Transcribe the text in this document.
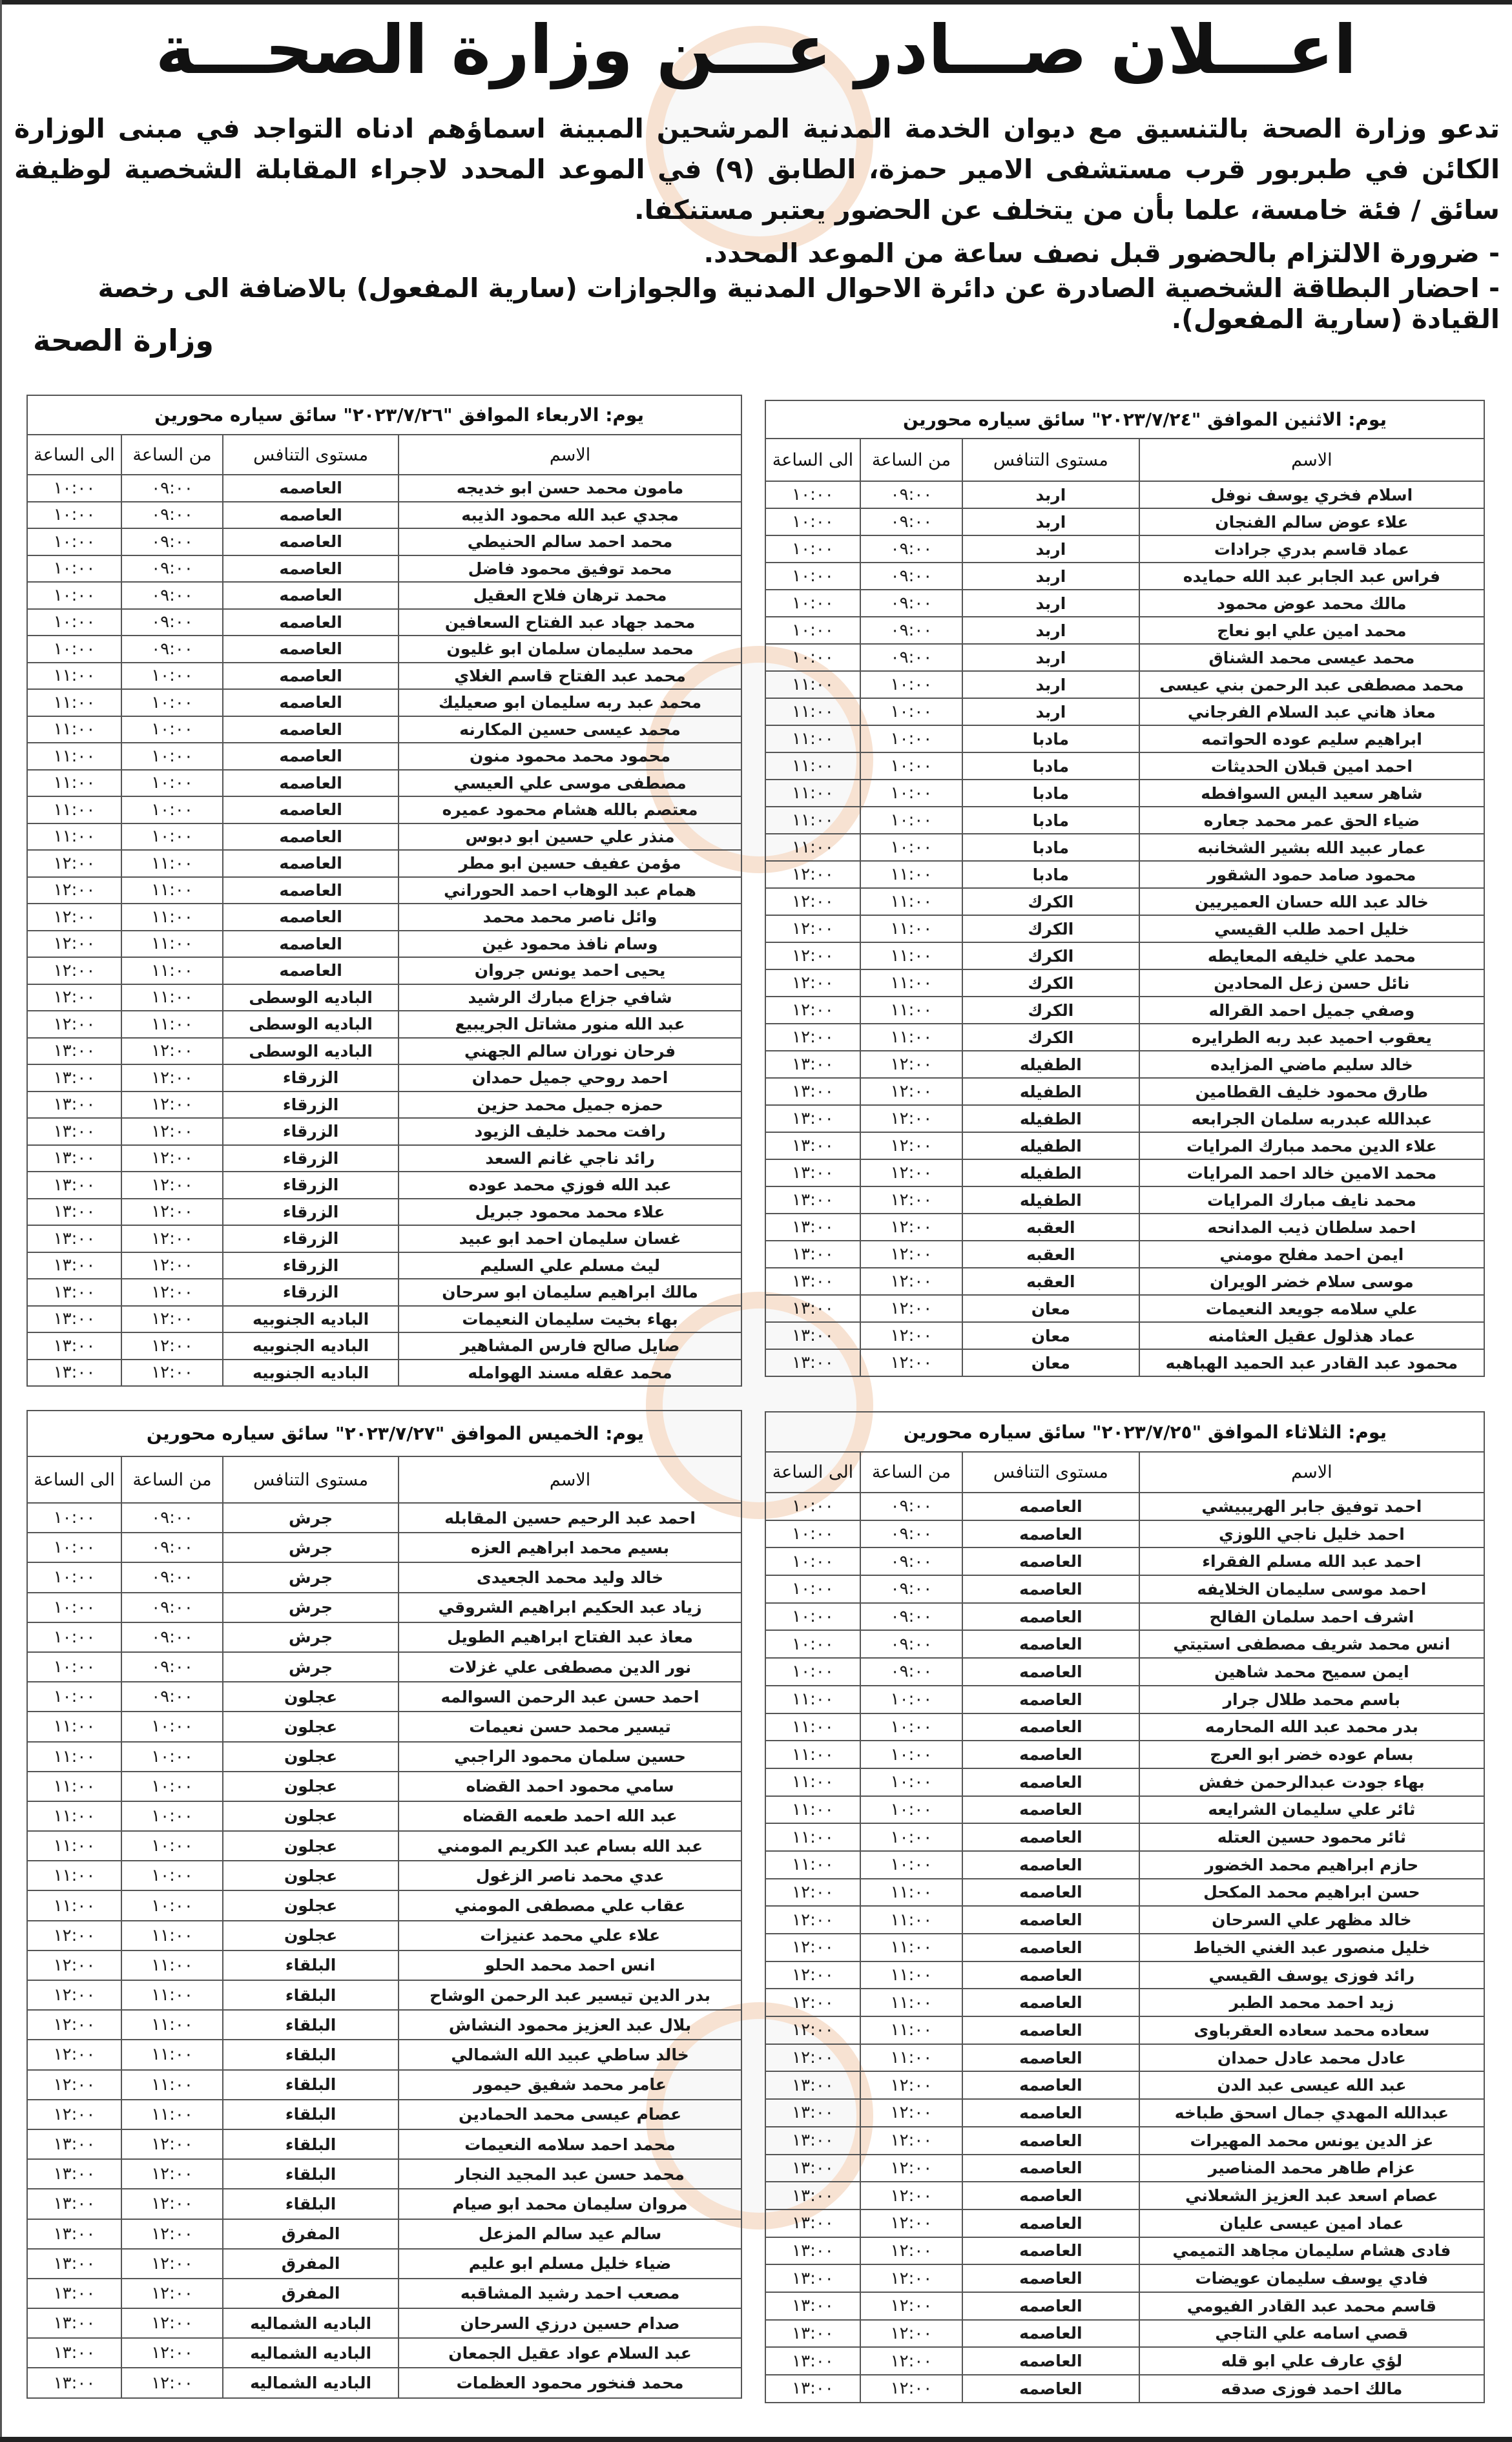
اعـــلان صـــادر عـــن وزارة الصحـــة
تدعو وزارة الصحة بالتنسيق مع ديوان الخدمة المدنية المرشحين المبينة اسماؤهم ادناه التواجد في مبنى الوزارة الكائن في طبربور قرب مستشفى الامير حمزة، الطابق (٩) في الموعد المحدد لاجراء المقابلة الشخصية لوظيفة سائق / فئة خامسة، علما بأن من يتخلف عن الحضور يعتبر مستنكفا.
- ضرورة الالتزام بالحضور قبل نصف ساعة من الموعد المحدد.
- احضار البطاقة الشخصية الصادرة عن دائرة الاحوال المدنية والجوازات (سارية المفعول) بالاضافة الى رخصة القيادة (سارية المفعول).
وزارة الصحة
يوم: الاثنين الموافق "٢٠٢٣/٧/٢٤" سائق سياره محورين			
الاسم	مستوى التنافس	من الساعة	الى الساعة
اسلام فخري يوسف نوفل	اربد	٠٩:٠٠	١٠:٠٠
علاء عوض سالم الفنجان	اربد	٠٩:٠٠	١٠:٠٠
عماد قاسم بدري جرادات	اربد	٠٩:٠٠	١٠:٠٠
فراس عبد الجابر عبد الله حمايده	اربد	٠٩:٠٠	١٠:٠٠
مالك محمد عوض محمود	اربد	٠٩:٠٠	١٠:٠٠
محمد امين علي ابو نعاج	اربد	٠٩:٠٠	١٠:٠٠
محمد عيسى محمد الشناق	اربد	٠٩:٠٠	١٠:٠٠
محمد مصطفى عبد الرحمن بني عيسى	اربد	١٠:٠٠	١١:٠٠
معاذ هاني عبد السلام الفرجاني	اربد	١٠:٠٠	١١:٠٠
ابراهيم سليم عوده الحواتمه	مادبا	١٠:٠٠	١١:٠٠
احمد امين قبلان الحديثات	مادبا	١٠:٠٠	١١:٠٠
شاهر سعيد اليس السوافطه	مادبا	١٠:٠٠	١١:٠٠
ضياء الحق عمر محمد جعاره	مادبا	١٠:٠٠	١١:٠٠
عمار عبيد الله بشير الشخانبه	مادبا	١٠:٠٠	١١:٠٠
محمود صامد حمود الشقور	مادبا	١١:٠٠	١٢:٠٠
خالد عبد الله حسان العميريين	الكرك	١١:٠٠	١٢:٠٠
خليل احمد طلب القيسي	الكرك	١١:٠٠	١٢:٠٠
محمد علي خليفه المعايطه	الكرك	١١:٠٠	١٢:٠٠
نائل حسن زعل المحادين	الكرك	١١:٠٠	١٢:٠٠
وصفي جميل احمد القراله	الكرك	١١:٠٠	١٢:٠٠
يعقوب احميد عبد ربه الطرايره	الكرك	١١:٠٠	١٢:٠٠
خالد سليم ماضي المزايده	الطفيله	١٢:٠٠	١٣:٠٠
طارق محمود خليف القطامين	الطفيله	١٢:٠٠	١٣:٠٠
عبدالله عبدربه سلمان الجرابعه	الطفيله	١٢:٠٠	١٣:٠٠
علاء الدين محمد مبارك المرايات	الطفيله	١٢:٠٠	١٣:٠٠
محمد الامين خالد احمد المرايات	الطفيله	١٢:٠٠	١٣:٠٠
محمد نايف مبارك المرايات	الطفيله	١٢:٠٠	١٣:٠٠
احمد سلطان ذيب المدانحه	العقبه	١٢:٠٠	١٣:٠٠
ايمن احمد مفلح مومني	العقبه	١٢:٠٠	١٣:٠٠
موسى سلام خضر الويران	العقبه	١٢:٠٠	١٣:٠٠
علي سلامه جويعد النعيمات	معان	١٢:٠٠	١٣:٠٠
عماد هذلول عقيل العثامنه	معان	١٢:٠٠	١٣:٠٠
محمود عبد القادر عبد الحميد الهباهبه	معان	١٢:٠٠	١٣:٠٠
يوم: الثلاثاء الموافق "٢٠٢٣/٧/٢٥" سائق سياره محورين			
الاسم	مستوى التنافس	من الساعة	الى الساعة
احمد توفيق جابر الهريبيشي	العاصمه	٠٩:٠٠	١٠:٠٠
احمد خليل ناجي اللوزي	العاصمه	٠٩:٠٠	١٠:٠٠
احمد عبد الله مسلم الفقراء	العاصمه	٠٩:٠٠	١٠:٠٠
احمد موسى سليمان الخلايفه	العاصمه	٠٩:٠٠	١٠:٠٠
اشرف احمد سلمان الفالح	العاصمه	٠٩:٠٠	١٠:٠٠
انس محمد شريف مصطفى استيتي	العاصمه	٠٩:٠٠	١٠:٠٠
ايمن سميح محمد شاهين	العاصمه	٠٩:٠٠	١٠:٠٠
باسم محمد طلال جرار	العاصمه	١٠:٠٠	١١:٠٠
بدر محمد عبد الله المحارمه	العاصمه	١٠:٠٠	١١:٠٠
بسام عوده خضر ابو العرج	العاصمه	١٠:٠٠	١١:٠٠
بهاء جودت عبدالرحمن خفش	العاصمه	١٠:٠٠	١١:٠٠
ثائر علي سليمان الشرايعه	العاصمه	١٠:٠٠	١١:٠٠
ثائر محمود حسين العتله	العاصمه	١٠:٠٠	١١:٠٠
حازم ابراهيم محمد الخضور	العاصمه	١٠:٠٠	١١:٠٠
حسن ابراهيم محمد المكحل	العاصمه	١١:٠٠	١٢:٠٠
خالد مظهر علي السرحان	العاصمه	١١:٠٠	١٢:٠٠
خليل منصور عبد الغني الخياط	العاصمه	١١:٠٠	١٢:٠٠
رائد فوزى يوسف القيسي	العاصمه	١١:٠٠	١٢:٠٠
زيد احمد محمد الطبر	العاصمه	١١:٠٠	١٢:٠٠
سعاده محمد سعاده العقرباوى	العاصمه	١١:٠٠	١٢:٠٠
عادل محمد عادل حمدان	العاصمه	١١:٠٠	١٢:٠٠
عبد الله عيسى عبد الدن	العاصمه	١٢:٠٠	١٣:٠٠
عبدالله المهدي جمال اسحق طباخه	العاصمه	١٢:٠٠	١٣:٠٠
عز الدين يونس محمد المهيرات	العاصمه	١٢:٠٠	١٣:٠٠
عزام طاهر محمد المناصير	العاصمه	١٢:٠٠	١٣:٠٠
عصام اسعد عبد العزيز الشعلاني	العاصمه	١٢:٠٠	١٣:٠٠
عماد امين عيسى عليان	العاصمه	١٢:٠٠	١٣:٠٠
فادى هشام سليمان مجاهد التميمي	العاصمه	١٢:٠٠	١٣:٠٠
فادي يوسف سليمان عويضات	العاصمه	١٢:٠٠	١٣:٠٠
قاسم محمد عبد القادر الفيومي	العاصمه	١٢:٠٠	١٣:٠٠
قصي اسامه علي التاجي	العاصمه	١٢:٠٠	١٣:٠٠
لؤي عارف علي ابو قله	العاصمه	١٢:٠٠	١٣:٠٠
مالك احمد فوزى صدقه	العاصمه	١٢:٠٠	١٣:٠٠
يوم: الاربعاء الموافق "٢٠٢٣/٧/٢٦" سائق سياره محورين			
الاسم	مستوى التنافس	من الساعة	الى الساعة
مامون محمد حسن ابو خديجه	العاصمه	٠٩:٠٠	١٠:٠٠
مجدي عبد الله محمود الذيبه	العاصمه	٠٩:٠٠	١٠:٠٠
محمد احمد سالم الحنيطي	العاصمه	٠٩:٠٠	١٠:٠٠
محمد توفيق محمود فاضل	العاصمه	٠٩:٠٠	١٠:٠٠
محمد ترهان فلاح العقيل	العاصمه	٠٩:٠٠	١٠:٠٠
محمد جهاد عبد الفتاح السعافين	العاصمه	٠٩:٠٠	١٠:٠٠
محمد سليمان سلمان ابو غليون	العاصمه	٠٩:٠٠	١٠:٠٠
محمد عبد الفتاح قاسم الغلاي	العاصمه	١٠:٠٠	١١:٠٠
محمد عبد ربه سليمان ابو صعيليك	العاصمه	١٠:٠٠	١١:٠٠
محمد عيسى حسين المكارنه	العاصمه	١٠:٠٠	١١:٠٠
محمود محمد محمود منون	العاصمه	١٠:٠٠	١١:٠٠
مصطفى موسى علي العيسي	العاصمه	١٠:٠٠	١١:٠٠
معتصم بالله هشام محمود عميره	العاصمه	١٠:٠٠	١١:٠٠
منذر علي حسين ابو دبوس	العاصمه	١٠:٠٠	١١:٠٠
مؤمن عفيف حسين ابو مطر	العاصمه	١١:٠٠	١٢:٠٠
همام عبد الوهاب احمد الحوراني	العاصمه	١١:٠٠	١٢:٠٠
وائل ناصر محمد محمد	العاصمه	١١:٠٠	١٢:٠٠
وسام نافذ محمود غين	العاصمه	١١:٠٠	١٢:٠٠
يحيى احمد يونس جروان	العاصمه	١١:٠٠	١٢:٠٠
شافي جزاع مبارك الرشيد	الباديه الوسطى	١١:٠٠	١٢:٠٠
عبد الله منور مشاتل الجريبيع	الباديه الوسطى	١١:٠٠	١٢:٠٠
فرحان نوران سالم الجهني	الباديه الوسطى	١٢:٠٠	١٣:٠٠
احمد روحي جميل حمدان	الزرقاء	١٢:٠٠	١٣:٠٠
حمزه جميل محمد حزين	الزرقاء	١٢:٠٠	١٣:٠٠
رافت محمد خليف الزيود	الزرقاء	١٢:٠٠	١٣:٠٠
رائد ناجي غانم السعد	الزرقاء	١٢:٠٠	١٣:٠٠
عبد الله فوزي محمد عوده	الزرقاء	١٢:٠٠	١٣:٠٠
علاء محمد محمود جبريل	الزرقاء	١٢:٠٠	١٣:٠٠
غسان سليمان احمد ابو عبيد	الزرقاء	١٢:٠٠	١٣:٠٠
ليث مسلم علي السليم	الزرقاء	١٢:٠٠	١٣:٠٠
مالك ابراهيم سليمان ابو سرحان	الزرقاء	١٢:٠٠	١٣:٠٠
بهاء بخيت سليمان النعيمات	الباديه الجنوبيه	١٢:٠٠	١٣:٠٠
صايل صالح فارس المشاهير	الباديه الجنوبيه	١٢:٠٠	١٣:٠٠
محمد عقله مسند الهوامله	الباديه الجنوبيه	١٢:٠٠	١٣:٠٠
يوم: الخميس الموافق "٢٠٢٣/٧/٢٧" سائق سياره محورين			
الاسم	مستوى التنافس	من الساعة	الى الساعة
احمد عبد الرحيم حسين المقابله	جرش	٠٩:٠٠	١٠:٠٠
بسيم محمد ابراهيم العزه	جرش	٠٩:٠٠	١٠:٠٠
خالد وليد محمد الجعيدى	جرش	٠٩:٠٠	١٠:٠٠
زياد عبد الحكيم ابراهيم الشروقي	جرش	٠٩:٠٠	١٠:٠٠
معاذ عبد الفتاح ابراهيم الطويل	جرش	٠٩:٠٠	١٠:٠٠
نور الدين مصطفى علي غزلات	جرش	٠٩:٠٠	١٠:٠٠
احمد حسن عبد الرحمن السوالمه	عجلون	٠٩:٠٠	١٠:٠٠
تيسير محمد حسن نعيمات	عجلون	١٠:٠٠	١١:٠٠
حسين سلمان محمود الراجبي	عجلون	١٠:٠٠	١١:٠٠
سامي محمود احمد القضاه	عجلون	١٠:٠٠	١١:٠٠
عبد الله احمد طعمه القضاه	عجلون	١٠:٠٠	١١:٠٠
عبد الله بسام عبد الكريم المومني	عجلون	١٠:٠٠	١١:٠٠
عدي محمد ناصر الزغول	عجلون	١٠:٠٠	١١:٠٠
عقاب علي مصطفى المومني	عجلون	١٠:٠٠	١١:٠٠
علاء علي محمد عنيزات	عجلون	١١:٠٠	١٢:٠٠
انس احمد محمد الحلو	البلقاء	١١:٠٠	١٢:٠٠
بدر الدين تيسير عبد الرحمن الوشاح	البلقاء	١١:٠٠	١٢:٠٠
بلال عبد العزيز محمود النشاش	البلقاء	١١:٠٠	١٢:٠٠
خالد ساطي عبيد الله الشمالي	البلقاء	١١:٠٠	١٢:٠٠
عامر محمد شفيق حيمور	البلقاء	١١:٠٠	١٢:٠٠
عصام عيسى محمد الحمادين	البلقاء	١١:٠٠	١٢:٠٠
محمد احمد سلامه النعيمات	البلقاء	١٢:٠٠	١٣:٠٠
محمد حسن عبد المجيد النجار	البلقاء	١٢:٠٠	١٣:٠٠
مروان سليمان محمد ابو صيام	البلقاء	١٢:٠٠	١٣:٠٠
سالم عيد سالم المزعل	المفرق	١٢:٠٠	١٣:٠٠
ضياء خليل مسلم ابو عليم	المفرق	١٢:٠٠	١٣:٠٠
مصعب احمد رشيد المشاقبه	المفرق	١٢:٠٠	١٣:٠٠
صدام حسين درزي السرحان	الباديه الشماليه	١٢:٠٠	١٣:٠٠
عبد السلام عواد عقيل الجمعان	الباديه الشماليه	١٢:٠٠	١٣:٠٠
محمد فنخور محمود العظمات	الباديه الشماليه	١٢:٠٠	١٣:٠٠
